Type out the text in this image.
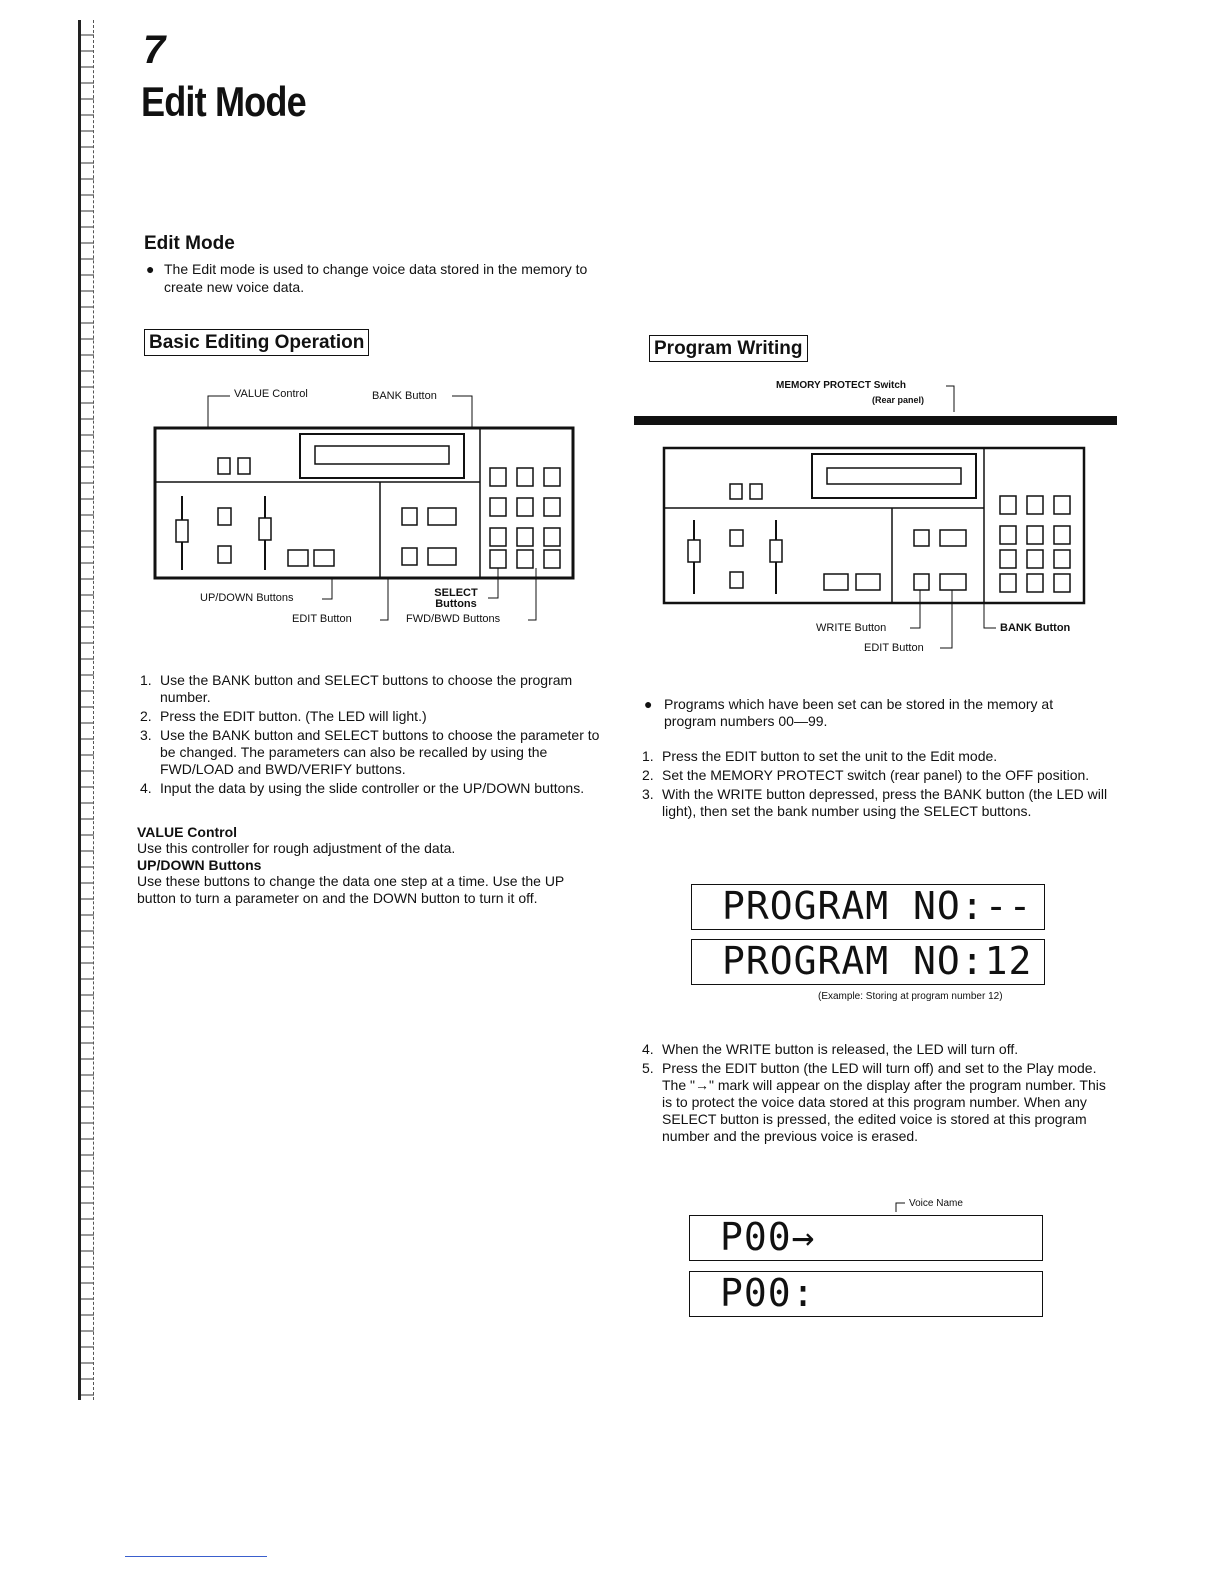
7
Edit Mode
Edit Mode
● The Edit mode is used to change voice data stored in the memory to create new voice data.
Basic Editing Operation
VALUE Control	BANK Button
UP/DOWN Buttons	SELECT Buttons
EDIT Button	FWD/BWD Buttons
1. Use the BANK button and SELECT buttons to choose the program number.
2. Press the EDIT button. (The LED will light.)
3. Use the BANK button and SELECT buttons to choose the parameter to be changed. The parameters can also be recalled by using the FWD/LOAD and BWD/VERIFY buttons.
4. Input the data by using the slide controller or the UP/DOWN buttons.
VALUE Control
Use this controller for rough adjustment of the data.
UP/DOWN Buttons
Use these buttons to change the data one step at a time. Use the UP button to turn a parameter on and the DOWN button to turn it off.
Program Writing
MEMORY PROTECT Switch
(Rear panel)
WRITE Button	BANK Button
EDIT Button
● Programs which have been set can be stored in the memory at program numbers 00—99.
1. Press the EDIT button to set the unit to the Edit mode.
2. Set the MEMORY PROTECT switch (rear panel) to the OFF position.
3. With the WRITE button depressed, press the BANK button (the LED will light), then set the bank number using the SELECT buttons.
PROGRAM NO:--
PROGRAM NO:12
(Example: Storing at program number 12)
4. When the WRITE button is released, the LED will turn off.
5. Press the EDIT button (the LED will turn off) and set to the Play mode.
The "→" mark will appear on the display after the program number. This is to protect the voice data stored at this program number. When any SELECT button is pressed, the edited voice is stored at this program number and the previous voice is erased.
Voice Name
P00→
P00:
